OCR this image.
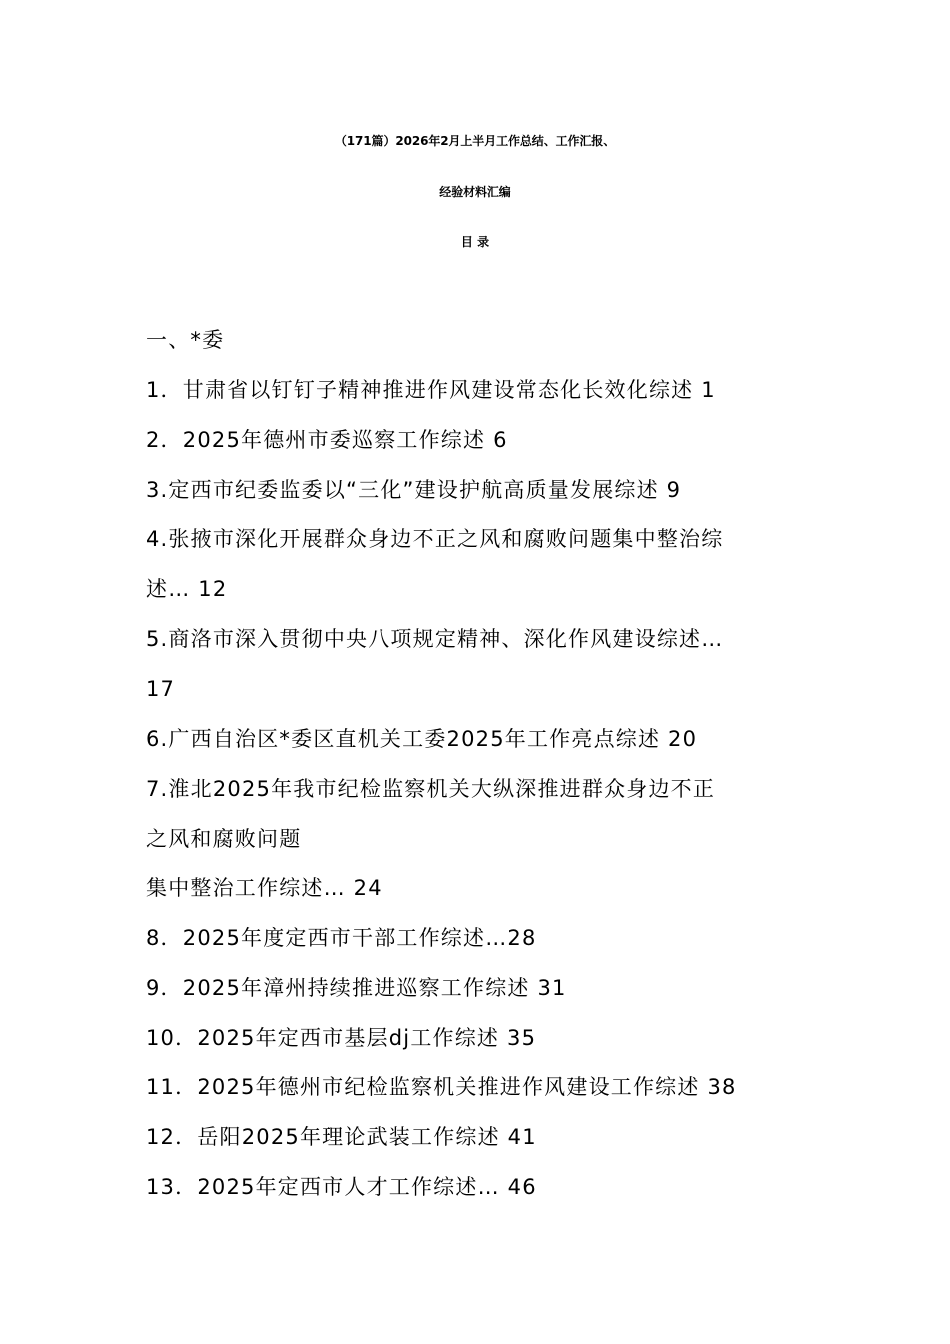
（171篇）2026年2月上半月工作总结、工作汇报、
经验材料汇编
目 录
一、*委
1．甘肃省以钉钉子精神推进作风建设常态化长效化综述 1
2．2025年德州市委巡察工作综述 6
3.定西市纪委监委以“三化”建设护航高质量发展综述 9
4.张掖市深化开展群众身边不正之风和腐败问题集中整治综
述… 12
5.商洛市深入贯彻中央八项规定精神、深化作风建设综述…
17
6.广西自治区*委区直机关工委2025年工作亮点综述 20
7.淮北2025年我市纪检监察机关大纵深推进群众身边不正
之风和腐败问题
集中整治工作综述… 24
8．2025年度定西市干部工作综述…28
9．2025年漳州持续推进巡察工作综述 31
10．2025年定西市基层dj工作综述 35
11．2025年德州市纪检监察机关推进作风建设工作综述 38
12．岳阳2025年理论武装工作综述 41
13．2025年定西市人才工作综述… 46
